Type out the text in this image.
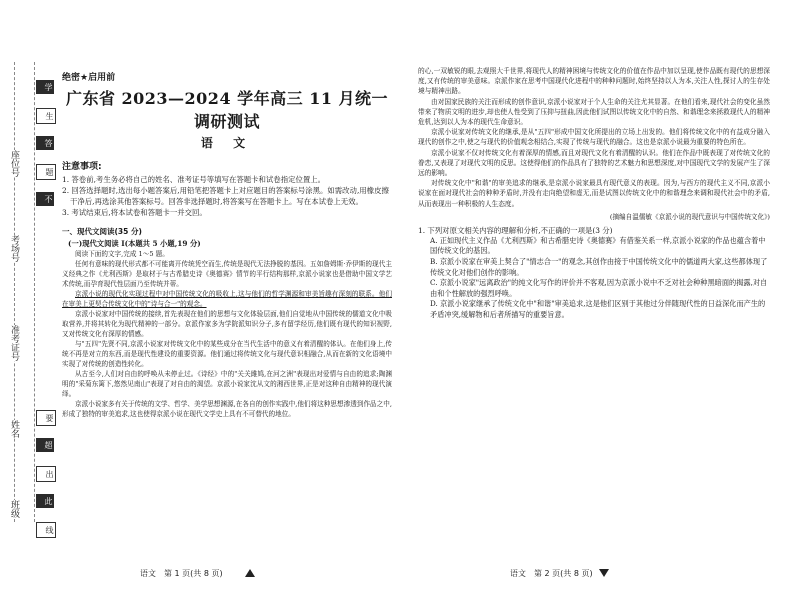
座位号
考场号
准考证号
姓名
班级
学
生
答
题
不
要
超
出
此
线
绝密★启用前
广东省 2023—2024 学年高三 11 月统一调研测试
语 文
注意事项:
1. 答卷前,考生务必将自己的姓名、准考证号等填写在答题卡和试卷指定位置上。
2. 回答选择题时,选出每小题答案后,用铅笔把答题卡上对应题目的答案标号涂黑。如需改动,用橡皮擦干净后,再选涂其他答案标号。回答非选择题时,将答案写在答题卡上。写在本试卷上无效。
3. 考试结束后,将本试卷和答题卡一并交回。
一、现代文阅读(35 分)
(一)现代文阅读 I(本题共 5 小题,19 分)

阅读下面的文字,完成 1～5 题。

任何有意味的现代形式都不可能离开传统凭空而生,传统是现代无法挣脱的基因。五如詹姆斯·乔伊斯的现代主义经典之作《尤利西斯》是取材于与古希腊史诗《奥德赛》情节的平行结构那样,京派小说家也是借助中国文学艺术传统,而孕育现代性层面乃至传统并蒂。

京派小说的现代化实现过程中对中国传统文化的吸收上,这与他们的哲学渊源和审美旨趣有深刻的联系。他们在审美上更契合传统文化中的"诗与合一"的观念。

京派小说家对中国传统的接续,首先表现在他们的思想与文化体验层面,他们自觉地从中国传统的儒道文化中吸取营养,并将其转化为现代精神的一部分。京派作家多为学院派知识分子,多有留学经历,他们既有现代的知识视野,又对传统文化有深厚的情感。

与"五四"先贤不同,京派小说家对传统文化中的某些成分在当代生活中的意义有着清醒的体认。在他们身上,传统不再是对立的东西,而是现代性建设的重要资源。他们通过将传统文化与现代意识相融合,从而在新的文化语境中实现了对传统的创造性转化。

从古至今,人们对自由的呼唤从未停止过。《诗经》中的"关关雎鸠,在河之洲"表现出对爱情与自由的追求;陶渊明的"采菊东篱下,悠然见南山"表现了对自由的渴望。京派小说家沈从文的湘西世界,正是对这种自由精神的现代演绎。

京派小说家多有关于传统的文学、哲学、美学思想渊源,在各自的创作实践中,他们将这种思想渗透到作品之中,形成了独特的审美追求,这也使得京派小说在现代文学史上具有不可替代的地位。

的心,一双敏锐的眼,去观照大千世界,将现代人的精神困境与传统文化的价值在作品中加以呈现,使作品既有现代的思想深度,又有传统的审美意味。京派作家在思考中国现代化进程中的种种问题时,始终坚持以人为本,关注人性,探讨人的生存处境与精神出路。

由对国家民族的关注而形成的创作意识,京派小说家对于个人生命的关注尤其显著。在他们看来,现代社会的变化虽然带来了物质文明的进步,却也使人性受到了压抑与扭曲,因此他们试图以传统文化中的自然、和谐理念来拯救现代人的精神危机,达到以人为本的现代生命意识。

京派小说家对传统文化的继承,是从"五四"形成中国文化所提出的立场上出发的。他们将传统文化中的有益成分融入现代的创作之中,使之与现代的价值观念相结合,实现了传统与现代的融合。这也是京派小说最为重要的特色所在。

京派小说家不仅对传统文化有着深厚的情感,而且对现代文化有着清醒的认识。他们在作品中既表现了对传统文化的眷恋,又表现了对现代文明的反思。这使得他们的作品具有了独特的艺术魅力和思想深度,对中国现代文学的发展产生了深远的影响。

对传统文化中"和谐"的审美追求的继承,是京派小说家最具有现代意义的表现。因为,与西方的现代主义不同,京派小说家在面对现代社会的种种矛盾时,并没有走向绝望和虚无,而是试图以传统文化中的和谐理念来调和现代社会中的矛盾,从而表现出一种积极的人生态度。

(摘编自温儒敏《京派小说的现代意识与中国传统文化》)
1. 下列对原文相关内容的理解和分析,不正确的一项是(3 分)
A. 正如现代主义作品《尤利西斯》和古希腊史诗《奥德赛》有借鉴关系一样,京派小说家的作品也蕴含着中国传统文化的基因。
B. 京派小说家在审美上契合了"情志合一"的观念,其创作由接于中国传统文化中的儒道两大家,这些都体现了传统文化对他们创作的影响。
C. 京派小说家"远离政治"的纯文化写作的评价并不客观,因为京派小说中不乏对社会种种黑暗面的揭露,对自由和个性解放的强烈呼唤。
D. 京派小说家继承了传统文化中"和谐"审美追求,这是他们区别于其他过分伴随现代性的日益深化而产生的矛盾冲突,缓解物和后者所描写的重要旨意。
语文　第 1 页(共 8 页)	语文　第 2 页(共 8 页)
